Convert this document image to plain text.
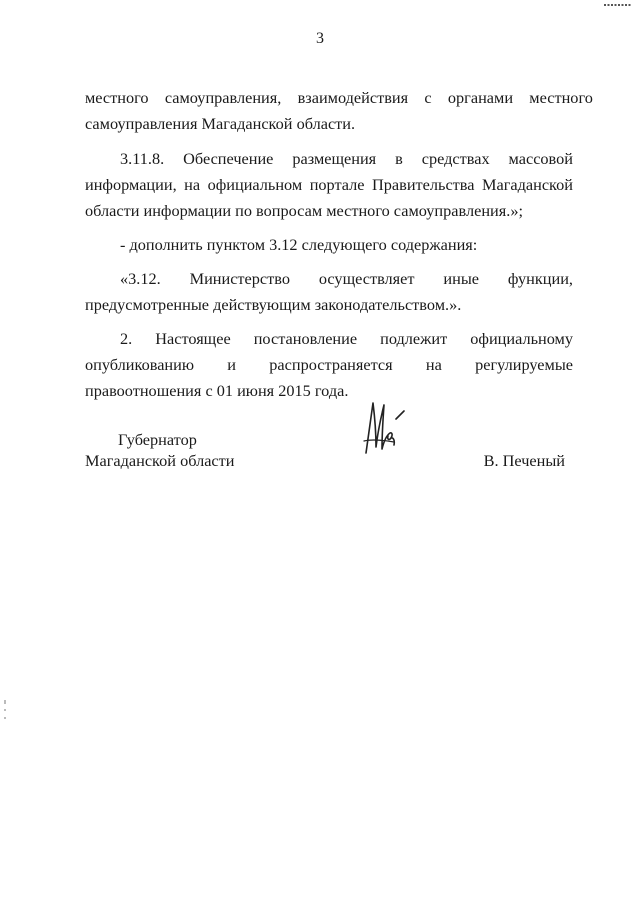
3

местного    самоуправления,    взаимодействия    с    органами    местного
самоуправления Магаданской области.

3.11.8. Обеспечение размещения в средствах массовой информации, на официальном портале Правительства Магаданской области информации по вопросам местного самоуправления.»;

- дополнить пунктом 3.12 следующего содержания:

«3.12. Министерство осуществляет иные функции, предусмотренные действующим законодательством.».

2. Настоящее постановление подлежит официальному опубликованию и распространяется на регулируемые правоотношения с 01 июня 2015 года.

Губернатор
Магаданской области	В. Печеный
